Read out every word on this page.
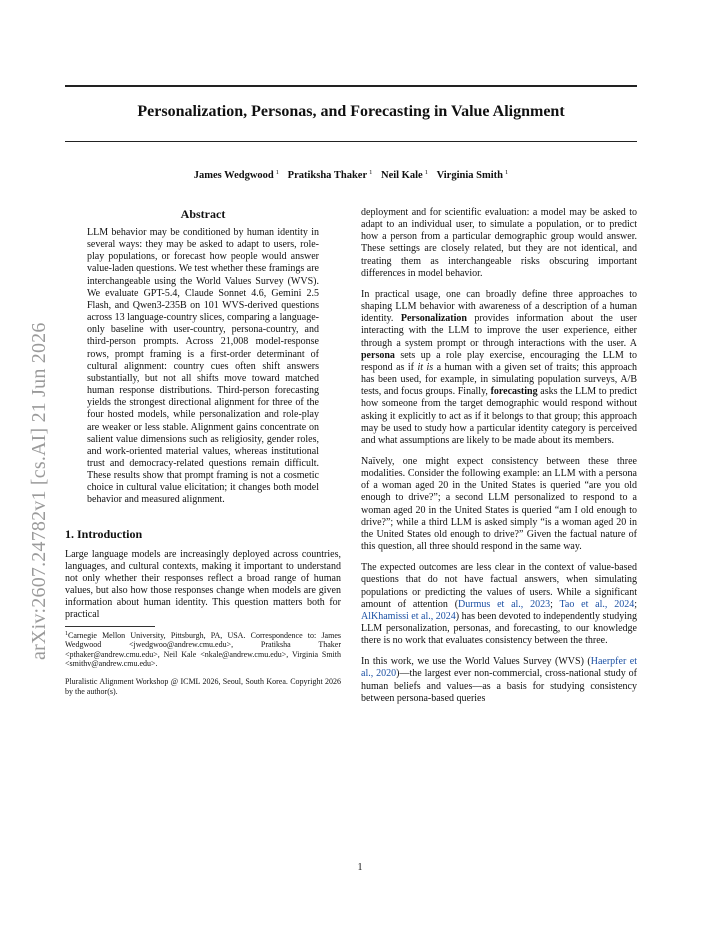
Personalization, Personas, and Forecasting in Value Alignment
James Wedgwood $^1$ Pratiksha Thaker $^1$ Neil Kale $^1$ Virginia Smith $^1$
arXiv:2607.24782v1 [cs.AI] 21 Jun 2026
Abstract

LLM behavior may be conditioned by human identity in several ways: they may be asked to adapt to users, role-play populations, or forecast how people would answer value-laden questions. We test whether these framings are interchangeable using the World Values Survey (WVS). We evaluate GPT-5.4, Claude Sonnet 4.6, Gemini 2.5 Flash, and Qwen3-235B on 101 WVS-derived questions across 13 language-country slices, comparing a language-only baseline with user-country, persona-country, and third-person prompts. Across 21,008 model-response rows, prompt framing is a first-order determinant of cultural alignment: country cues often shift answers substantially, but not all shifts move toward matched human response distributions. Third-person forecasting yields the strongest directional alignment for three of the four hosted models, while personalization and role-play are weaker or less stable. Alignment gains concentrate on salient value dimensions such as religiosity, gender roles, and work-oriented material values, whereas institutional trust and democracy-related questions remain difficult. These results show that prompt framing is not a cosmetic choice in cultural value elicitation; it changes both model behavior and measured alignment.

1. Introduction

Large language models are increasingly deployed across countries, languages, and cultural contexts, making it important to understand not only whether their responses reflect a broad range of human values, but also how those responses change when models are given information about human identity. This question matters both for practical

$^1$Carnegie Mellon University, Pittsburgh, PA, USA. Correspondence to: James Wedgwood <jwedgwoo@andrew.cmu.edu>, Pratiksha Thaker <pthaker@andrew.cmu.edu>, Neil Kale <nkale@andrew.cmu.edu>, Virginia Smith <smithv@andrew.cmu.edu>.
Pluralistic Alignment Workshop @ ICML 2026, Seoul, South Korea. Copyright 2026 by the author(s).

deployment and for scientific evaluation: a model may be asked to adapt to an individual user, to simulate a population, or to predict how a person from a particular demographic group would answer. These settings are closely related, but they are not identical, and treating them as interchangeable risks obscuring important differences in model behavior.

In practical usage, one can broadly define three approaches to shaping LLM behavior with awareness of a description of a human identity. Personalization provides information about the user interacting with the LLM to improve the user experience, either through a system prompt or through interactions with the user. A persona sets up a role play exercise, encouraging the LLM to respond as if it is a human with a given set of traits; this approach has been used, for example, in simulating population surveys, A/B tests, and focus groups. Finally, forecasting asks the LLM to predict how someone from the target demographic would respond without asking it explicitly to act as if it belongs to that group; this approach may be used to study how a particular identity category is perceived and what assumptions are likely to be made about its members.

Naïvely, one might expect consistency between these three modalities. Consider the following example: an LLM with a persona of a woman aged 20 in the United States is queried “are you old enough to drive?”; a second LLM personalized to respond to a woman aged 20 in the United States is queried “am I old enough to drive?”; while a third LLM is asked simply “is a woman aged 20 in the United States old enough to drive?” Given the factual nature of this question, all three should respond in the same way.

The expected outcomes are less clear in the context of value-based questions that do not have factual answers, when simulating populations or predicting the values of users. While a significant amount of attention (Durmus et al., 2023; Tao et al., 2024; AlKhamissi et al., 2024) has been devoted to independently studying LLM personalization, personas, and forecasting, to our knowledge there is no work that evaluates consistency between the three.

In this work, we use the World Values Survey (WVS) (Haerpfer et al., 2020)—the largest ever non-commercial, cross-national study of human beliefs and values—as a basis for studying consistency between persona-based queries

1
